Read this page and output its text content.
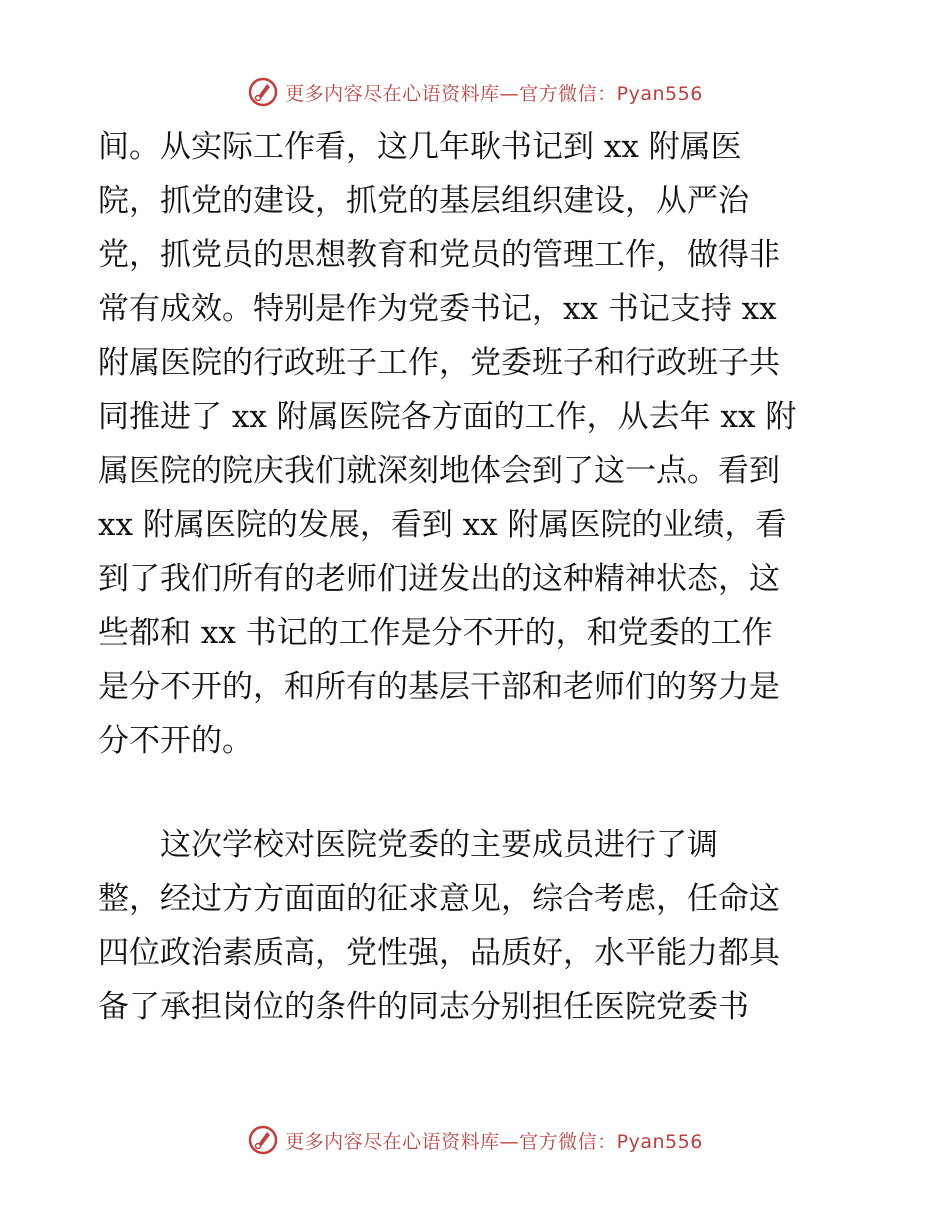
更多内容尽在心语资料库—官方微信：Pyan556
间。从实际工作看，这几年耿书记到 xx 附属医
院，抓党的建设，抓党的基层组织建设，从严治
党，抓党员的思想教育和党员的管理工作，做得非
常有成效。特别是作为党委书记，xx 书记支持 xx
附属医院的行政班子工作，党委班子和行政班子共
同推进了 xx 附属医院各方面的工作，从去年 xx 附
属医院的院庆我们就深刻地体会到了这一点。看到
xx 附属医院的发展，看到 xx 附属医院的业绩，看
到了我们所有的老师们迸发出的这种精神状态，这
些都和 xx 书记的工作是分不开的，和党委的工作
是分不开的，和所有的基层干部和老师们的努力是
分不开的。
　　这次学校对医院党委的主要成员进行了调
整，经过方方面面的征求意见，综合考虑，任命这
四位政治素质高，党性强，品质好，水平能力都具
备了承担岗位的条件的同志分别担任医院党委书
更多内容尽在心语资料库—官方微信：Pyan556
